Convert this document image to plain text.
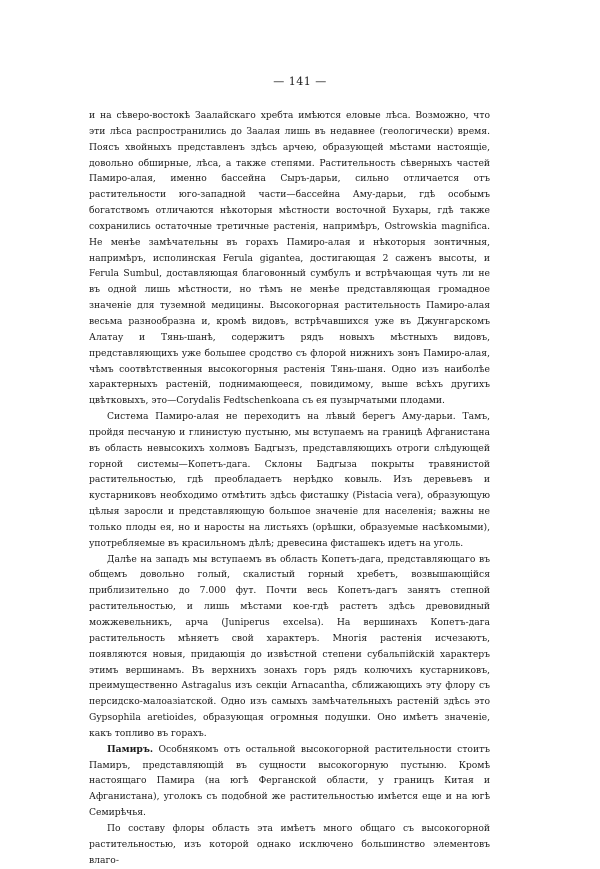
— 141 —

и на сѣверо-востокѣ Заалайскаго хребта имѣются еловые лѣса. Возможно, что эти лѣса распространились до Заалая лишь въ недавнее (геологически) время. Поясъ хвойныхъ представленъ здѣсь арчею, образующей мѣстами настоящіе, довольно обширные, лѣса, а также степями. Растительность сѣверныхъ частей Памиро-алая, именно бассейна Сыръ-дарьи, сильно отличается отъ растительности юго-западной части—бассейна Аму-дарьи, гдѣ особымъ богатствомъ отличаются нѣкоторыя мѣстности восточной Бухары, гдѣ также сохранились остаточные третичные растенія, напримѣръ, Ostrowskia magnifica. Не менѣе замѣчательны въ горахъ Памиро-алая и нѣкоторыя зонтичныя, напримѣръ, исполинская Ferula gigantea, достигающая 2 саженъ высоты, и Ferula Sumbul, доставляющая благовонный сумбулъ и встрѣчающая чуть ли не въ одной лишь мѣстности, но тѣмъ не менѣе представляющая громадное значеніе для туземной медицины. Высокогорная растительность Памиро-алая весьма разнообразна и, кромѣ видовъ, встрѣчавшихся уже въ Джунгарскомъ Алатау и Тянь-шанѣ, содержитъ рядъ новыхъ мѣстныхъ видовъ, представляющихъ уже большее сродство съ флорой нижнихъ зонъ Памиро-алая, чѣмъ соотвѣтственныя высокогорныя растенія Тянь-шаня. Одно изъ наиболѣе характерныхъ растеній, поднимающееся, повидимому, выше всѣхъ другихъ цвѣтковыхъ, это—Corydalis Fedtschenkoana съ ея пузырчатыми плодами.

Система Памиро-алая не переходитъ на лѣвый берегъ Аму-дарьи. Тамъ, пройдя песчаную и глинистую пустыню, мы вступаемъ на границѣ Афганистана въ область невысокихъ холмовъ Бадгызъ, представляющихъ отроги слѣдующей горной системы—Копетъ-дага. Склоны Бадгыза покрыты травянистой растительностью, гдѣ преобладаетъ нерѣдко ковыль. Изъ деревьевъ и кустарниковъ необходимо отмѣтить здѣсь фисташку (Pistacia vera), образующую цѣлыя заросли и представляющую большое значеніе для населенія; важны не только плоды ея, но и наросты на листьяхъ (орѣшки, образуемые насѣкомыми), употребляемые въ красильномъ дѣлѣ; древесина фисташекъ идетъ на уголь.

Далѣе на западъ мы вступаемъ въ область Копетъ-дага, представляющаго въ общемъ довольно голый, скалистый горный хребетъ, возвышающійся приблизительно до 7.000 фут. Почти весь Копетъ-дагъ занятъ степной растительностью, и лишь мѣстами кое-гдѣ растетъ здѣсь древовидный можжевельникъ, арча (Juniperus excelsa). На вершинахъ Копетъ-дага растительность мѣняетъ свой характеръ. Многія растенія исчезаютъ, появляются новыя, придающія до извѣстной степени субальпійскій характеръ этимъ вершинамъ. Въ верхнихъ зонахъ горъ рядъ колючихъ кустарниковъ, преимущественно Astragalus изъ секціи Arnacantha, сближающихъ эту флору съ персидско-малоазіатской. Одно изъ самыхъ замѣчательныхъ растеній здѣсь это Gypsophila aretioides, образующая огромныя подушки. Оно имѣетъ значеніе, какъ топливо въ горахъ.

Памиръ. Особнякомъ отъ остальной высокогорной растительности стоитъ Памиръ, представляющій въ сущности высокогорную пустыню. Кромѣ настоящаго Памира (на югѣ Ферганской области, у границъ Китая и Афганистана), уголокъ съ подобной же растительностью имѣется еще и на югѣ Семирѣчья.

По составу флоры область эта имѣетъ много общаго съ высокогорной растительностью, изъ которой однако исключено большинство элементовъ влаго-
